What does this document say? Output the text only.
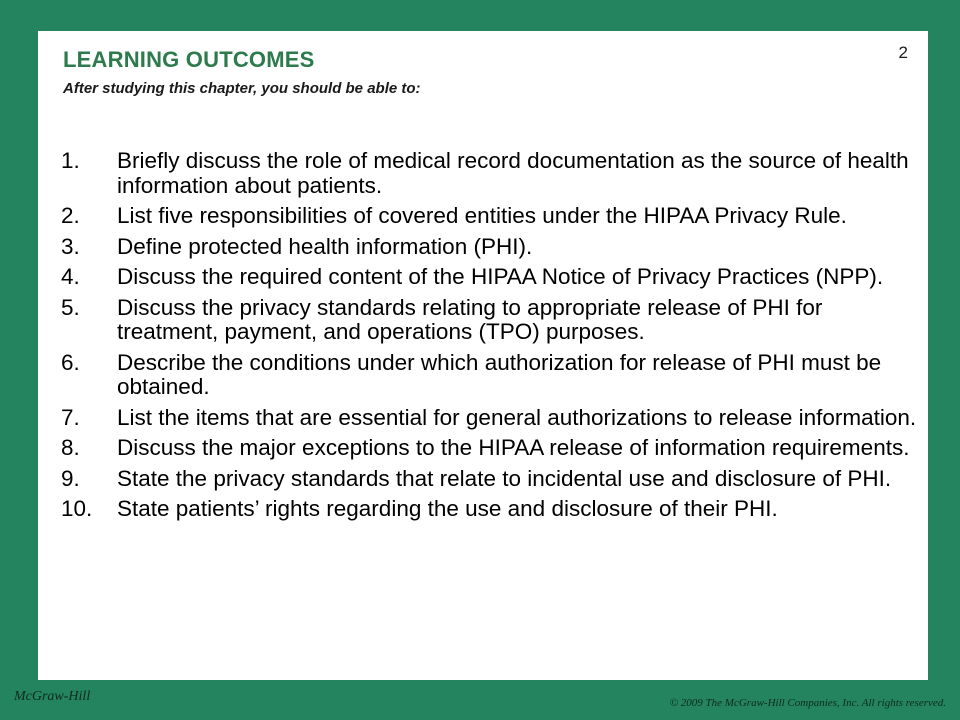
2
LEARNING OUTCOMES

After studying this chapter, you should be able to:

1. Briefly discuss the role of medical record documentation as the source of health information about patients.
2. List five responsibilities of covered entities under the HIPAA Privacy Rule.
3. Define protected health information (PHI).
4. Discuss the required content of the HIPAA Notice of Privacy Practices (NPP).
5. Discuss the privacy standards relating to appropriate release of PHI for treatment, payment, and operations (TPO) purposes.
6. Describe the conditions under which authorization for release of PHI must be obtained.
7. List the items that are essential for general authorizations to release information.
8. Discuss the major exceptions to the HIPAA release of information requirements.
9. State the privacy standards that relate to incidental use and disclosure of PHI.
10. State patients’ rights regarding the use and disclosure of their PHI.
McGraw-Hill	© 2009 The McGraw-Hill Companies, Inc. All rights reserved.
